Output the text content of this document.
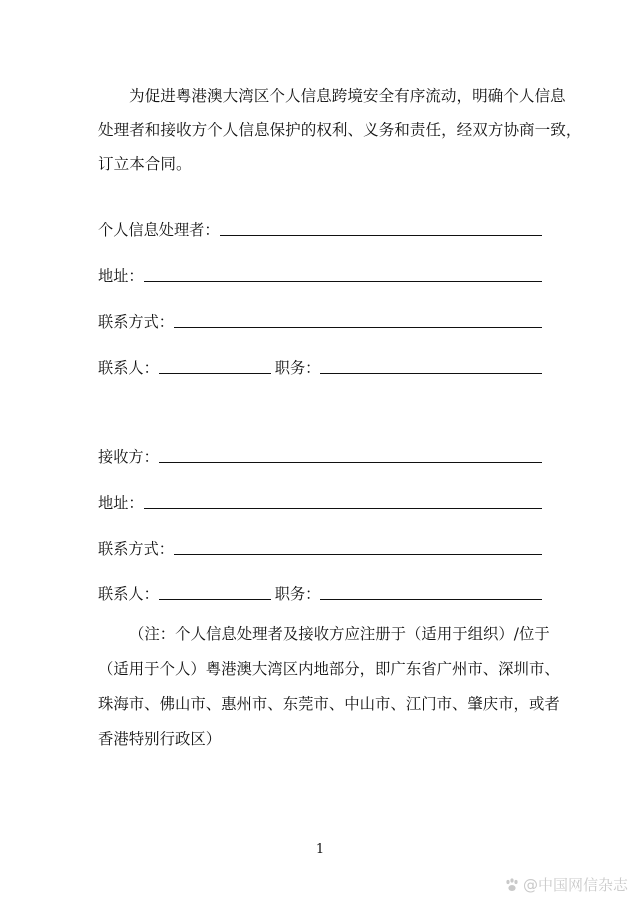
为促进粤港澳大湾区个人信息跨境安全有序流动，明确个人信息
处理者和接收方个人信息保护的权利、义务和责任，经双方协商一致，
订立本合同。
个人信息处理者：
地址：
联系方式：
联系人：	职务：
接收方：
地址：
联系方式：
联系人：	职务：
（注：个人信息处理者及接收方应注册于（适用于组织）/位于
（适用于个人）粤港澳大湾区内地部分，即广东省广州市、深圳市、
珠海市、佛山市、惠州市、东莞市、中山市、江门市、肇庆市，或者
香港特别行政区）
1
@中国网信杂志
